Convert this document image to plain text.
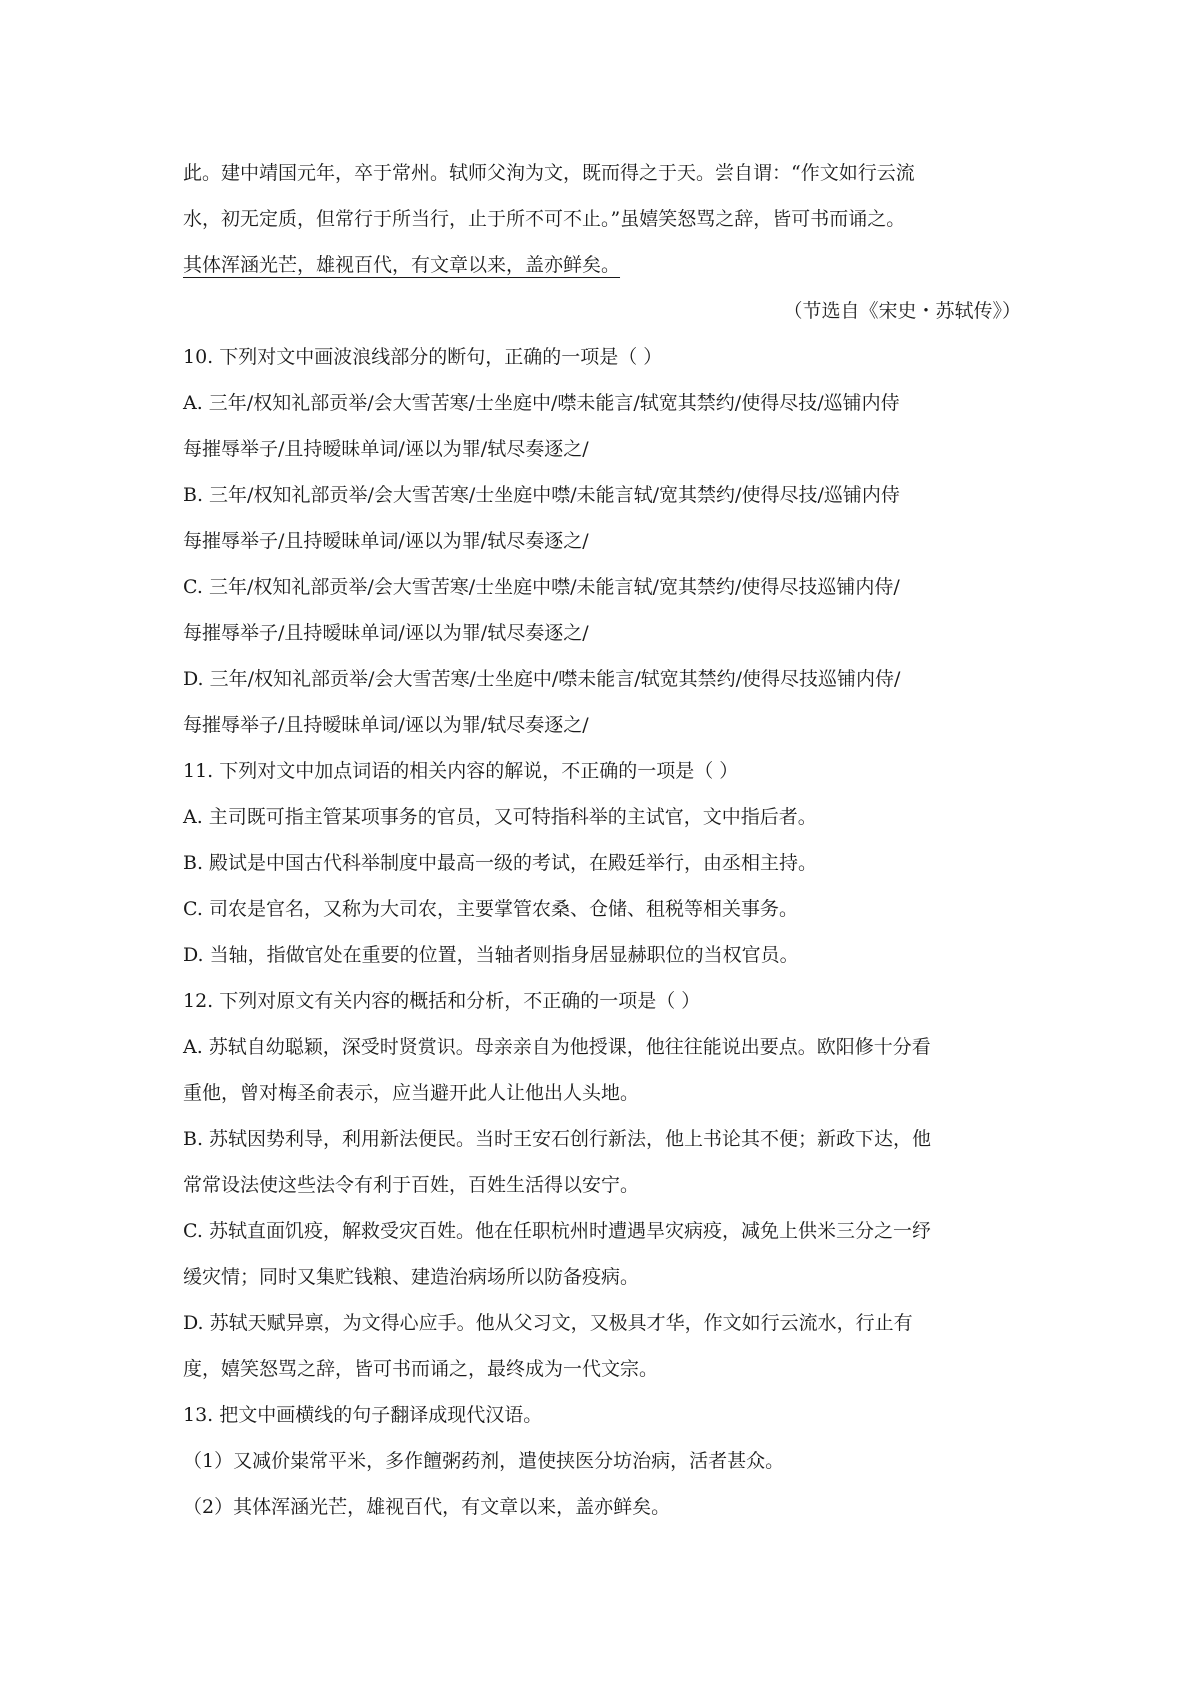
此。建中靖国元年，卒于常州。轼师父洵为文，既而得之于天。尝自谓：“作文如行云流
水，初无定质，但常行于所当行，止于所不可不止。”虽嬉笑怒骂之辞，皆可书而诵之。
其体浑涵光芒，雄视百代，有文章以来，盖亦鲜矣。
（节选自《宋史・苏轼传》）
10. 下列对文中画波浪线部分的断句，正确的一项是（ ）
A. 三年/权知礼部贡举/会大雪苦寒/士坐庭中/噤未能言/轼宽其禁约/使得尽技/巡铺内侍
每摧辱举子/且持暧昧单词/诬以为罪/轼尽奏逐之/
B. 三年/权知礼部贡举/会大雪苦寒/士坐庭中噤/未能言轼/宽其禁约/使得尽技/巡铺内侍
每摧辱举子/且持暧昧单词/诬以为罪/轼尽奏逐之/
C. 三年/权知礼部贡举/会大雪苦寒/士坐庭中噤/未能言轼/宽其禁约/使得尽技巡铺内侍/
每摧辱举子/且持暧昧单词/诬以为罪/轼尽奏逐之/
D. 三年/权知礼部贡举/会大雪苦寒/士坐庭中/噤未能言/轼宽其禁约/使得尽技巡铺内侍/
每摧辱举子/且持暧昧单词/诬以为罪/轼尽奏逐之/
11. 下列对文中加点词语的相关内容的解说，不正确的一项是（ ）
A. 主司既可指主管某项事务的官员，又可特指科举的主试官，文中指后者。
B. 殿试是中国古代科举制度中最高一级的考试，在殿廷举行，由丞相主持。
C. 司农是官名，又称为大司农，主要掌管农桑、仓储、租税等相关事务。
D. 当轴，指做官处在重要的位置，当轴者则指身居显赫职位的当权官员。
12. 下列对原文有关内容的概括和分析，不正确的一项是（ ）
A. 苏轼自幼聪颖，深受时贤赏识。母亲亲自为他授课，他往往能说出要点。欧阳修十分看
重他，曾对梅圣俞表示，应当避开此人让他出人头地。
B. 苏轼因势利导，利用新法便民。当时王安石创行新法，他上书论其不便；新政下达，他
常常设法使这些法令有利于百姓，百姓生活得以安宁。
C. 苏轼直面饥疫，解救受灾百姓。他在任职杭州时遭遇旱灾病疫，减免上供米三分之一纾
缓灾情；同时又集贮钱粮、建造治病场所以防备疫病。
D. 苏轼天赋异禀，为文得心应手。他从父习文，又极具才华，作文如行云流水，行止有
度，嬉笑怒骂之辞，皆可书而诵之，最终成为一代文宗。
13. 把文中画横线的句子翻译成现代汉语。
（1）又减价粜常平米，多作饘粥药剂，遣使挟医分坊治病，活者甚众。
（2）其体浑涵光芒，雄视百代，有文章以来，盖亦鲜矣。
